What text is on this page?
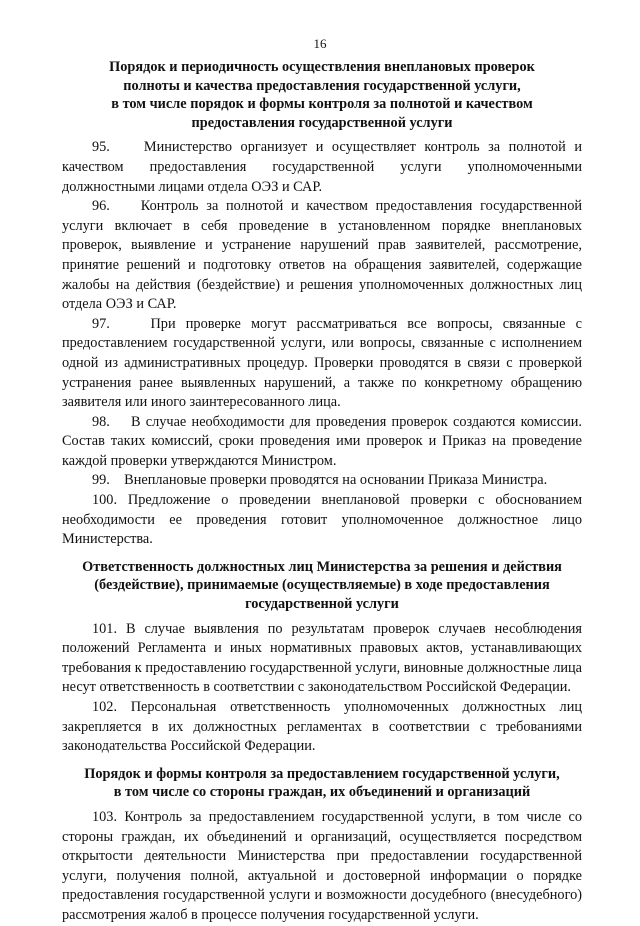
16
Порядок и периодичность осуществления внеплановых проверок
полноты и качества предоставления государственной услуги,
в том числе порядок и формы контроля за полнотой и качеством
предоставления государственной услуги

95.    Министерство организует и осуществляет контроль за полнотой и качеством предоставления государственной услуги уполномоченными должностными лицами отдела ОЭЗ и САР.

96.    Контроль за полнотой и качеством предоставления государственной услуги включает в себя проведение в установленном порядке внеплановых проверок, выявление и устранение нарушений прав заявителей, рассмотрение, принятие решений и подготовку ответов на обращения заявителей, содержащие жалобы на действия (бездействие) и решения уполномоченных должностных лиц отдела ОЭЗ и САР.

97.    При проверке могут рассматриваться все вопросы, связанные с предоставлением государственной услуги, или вопросы, связанные с исполнением одной из административных процедур. Проверки проводятся в связи с проверкой устранения ранее выявленных нарушений, а также по конкретному обращению заявителя или иного заинтересованного лица.

98.    В случае необходимости для проведения проверок создаются комиссии. Состав таких комиссий, сроки проведения ими проверок и Приказ на проведение каждой проверки утверждаются Министром.

99.    Внеплановые проверки проводятся на основании Приказа Министра.

100. Предложение о проведении внеплановой проверки с обоснованием необходимости ее проведения готовит уполномоченное должностное лицо Министерства.

Ответственность должностных лиц Министерства за решения и действия
(бездействие), принимаемые (осуществляемые) в ходе предоставления
государственной услуги

101. В случае выявления по результатам проверок случаев несоблюдения положений Регламента и иных нормативных правовых актов, устанавливающих требования к предоставлению государственной услуги, виновные должностные лица несут ответственность в соответствии с законодательством Российской Федерации.

102. Персональная ответственность уполномоченных должностных лиц закрепляется в их должностных регламентах в соответствии с требованиями законодательства Российской Федерации.

Порядок и формы контроля за предоставлением государственной услуги,
в том числе со стороны граждан, их объединений и организаций

103. Контроль за предоставлением государственной услуги, в том числе со стороны граждан, их объединений и организаций, осуществляется посредством открытости деятельности Министерства при предоставлении государственной услуги, получения полной, актуальной и достоверной информации о порядке предоставления государственной услуги и возможности досудебного (внесудебного) рассмотрения жалоб в процессе получения государственной услуги.
